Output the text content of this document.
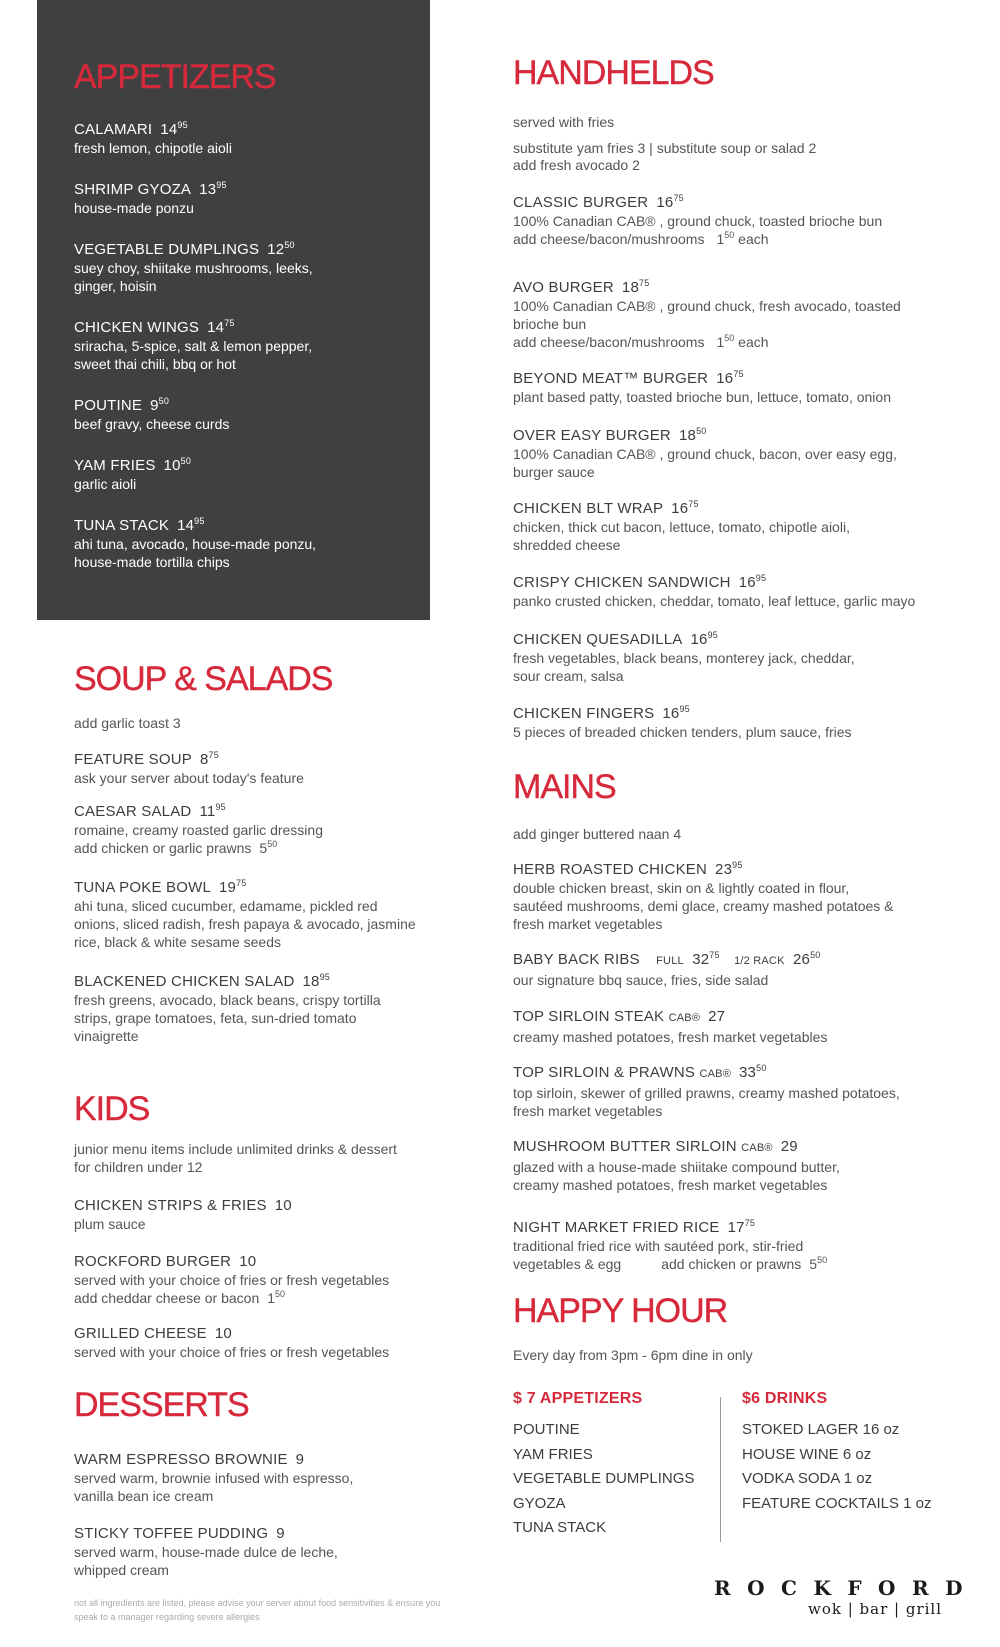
APPETIZERS
CALAMARI $14^{95}$
fresh lemon, chipotle aioli
SHRIMP GYOZA $13^{95}$
house-made ponzu
VEGETABLE DUMPLINGS $12^{50}$
suey choy, shiitake mushrooms, leeks,
ginger, hoisin
CHICKEN WINGS $14^{75}$
sriracha, 5-spice, salt & lemon pepper,
sweet thai chili, bbq or hot
POUTINE $9^{50}$
beef gravy, cheese curds
YAM FRIES $10^{50}$
garlic aioli
TUNA STACK $14^{95}$
ahi tuna, avocado, house-made ponzu,
house-made tortilla chips
SOUP & SALADS

add garlic toast 3

FEATURE SOUP $8^{75}$
ask your server about today's feature
CAESAR SALAD $11^{95}$
romaine, creamy roasted garlic dressing
add chicken or garlic prawns $5^{50}$
TUNA POKE BOWL $19^{75}$
ahi tuna, sliced cucumber, edamame, pickled red
onions, sliced radish, fresh papaya & avocado, jasmine
rice, black & white sesame seeds
BLACKENED CHICKEN SALAD $18^{95}$
fresh greens, avocado, black beans, crispy tortilla
strips, grape tomatoes, feta, sun-dried tomato
vinaigrette
KIDS

junior menu items include unlimited drinks & dessert
for children under 12

CHICKEN STRIPS & FRIES 10
plum sauce
ROCKFORD BURGER 10
served with your choice of fries or fresh vegetables
add cheddar cheese or bacon $1^{50}$
GRILLED CHEESE 10
served with your choice of fries or fresh vegetables
DESSERTS
WARM ESPRESSO BROWNIE 9
served warm, brownie infused with espresso,
vanilla bean ice cream
STICKY TOFFEE PUDDING 9
served warm, house-made dulce de leche,
whipped cream
not all ingredients are listed, please advise your server about food sensitivities & ensure you speak to a manager regarding severe allergies
HANDHELDS

served with fries

substitute yam fries 3 | substitute soup or salad 2

add fresh avocado 2

CLASSIC BURGER $16^{75}$
100% Canadian CAB® , ground chuck, toasted brioche bun
add cheese/bacon/mushrooms $1^{50}$ each
AVO BURGER $18^{75}$
100% Canadian CAB® , ground chuck, fresh avocado, toasted
brioche bun
add cheese/bacon/mushrooms $1^{50}$ each
BEYOND MEAT™ BURGER $16^{75}$
plant based patty, toasted brioche bun, lettuce, tomato, onion
OVER EASY BURGER $18^{50}$
100% Canadian CAB® , ground chuck, bacon, over easy egg,
burger sauce
CHICKEN BLT WRAP $16^{75}$
chicken, thick cut bacon, lettuce, tomato, chipotle aioli,
shredded cheese
CRISPY CHICKEN SANDWICH $16^{95}$
panko crusted chicken, cheddar, tomato, leaf lettuce, garlic mayo
CHICKEN QUESADILLA $16^{95}$
fresh vegetables, black beans, monterey jack, cheddar,
sour cream, salsa
CHICKEN FINGERS $16^{95}$
5 pieces of breaded chicken tenders, plum sauce, fries
MAINS

add ginger buttered naan 4

HERB ROASTED CHICKEN $23^{95}$
double chicken breast, skin on & lightly coated in flour,
sautéed mushrooms, demi glace, creamy mashed potatoes &
fresh market vegetables
BABY BACK RIBS FULL $32^{75}$ 1/2 RACK $26^{50}$
our signature bbq sauce, fries, side salad
TOP SIRLOIN STEAK CAB® 27
creamy mashed potatoes, fresh market vegetables
TOP SIRLOIN & PRAWNS CAB® $33^{50}$
top sirloin, skewer of grilled prawns, creamy mashed potatoes,
fresh market vegetables
MUSHROOM BUTTER SIRLOIN CAB® 29
glazed with a house-made shiitake compound butter,
creamy mashed potatoes, fresh market vegetables
NIGHT MARKET FRIED RICE $17^{75}$
traditional fried rice with sautéed pork, stir-fried
vegetables & egg	add chicken or prawns $5^{50}$
HAPPY HOUR

Every day from 3pm - 6pm dine in only

$ 7 APPETIZERS
POUTINE
YAM FRIES
VEGETABLE DUMPLINGS
GYOZA
TUNA STACK
$6 DRINKS
STOKED LAGER 16 oz
HOUSE WINE 6 oz
VODKA SODA 1 oz
FEATURE COCKTAILS 1 oz
ROCKFORD
wok | bar | grill
